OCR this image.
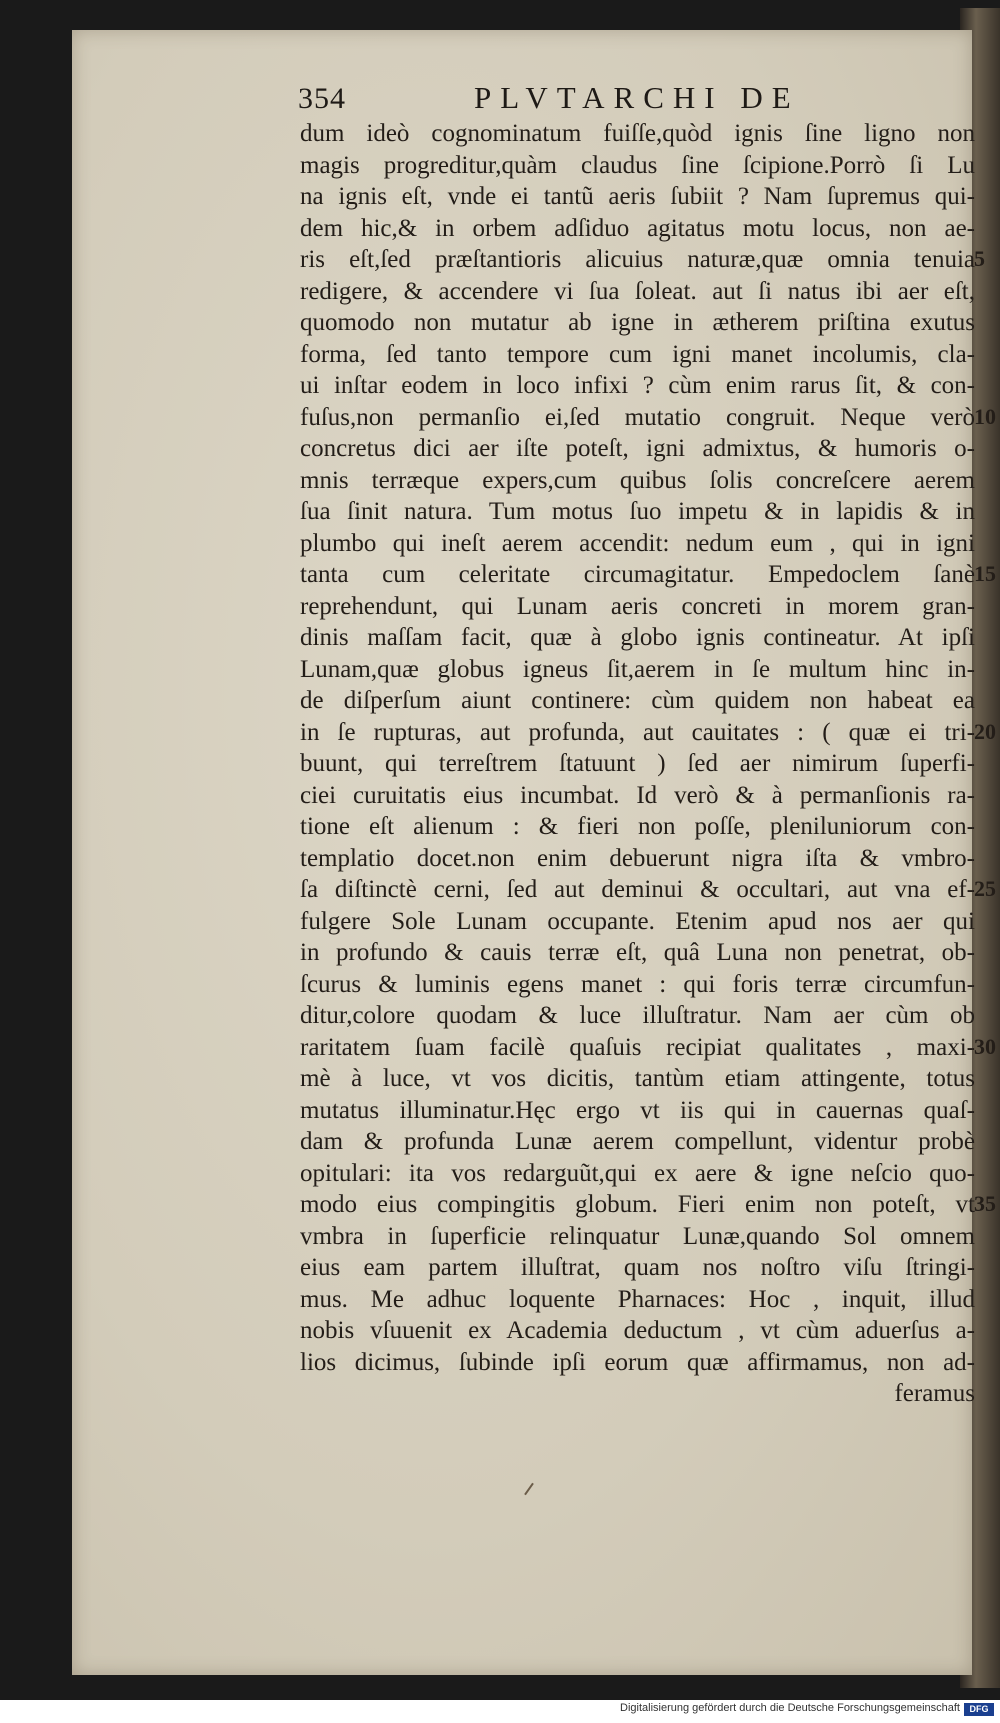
354	PLVTARCHI DE
dum ideò cognominatum fuiſſe,quòd ignis ſine ligno non
magis progreditur,quàm claudus ſine ſcipione.Porrò ſi Lu
na ignis eſt, vnde ei tantũ aeris ſubiit ? Nam ſupremus qui-
dem hic,& in orbem adſiduo agitatus motu locus, non ae-
ris eſt,ſed præſtantioris alicuius naturæ,quæ omnia tenuia
redigere, & accendere vi ſua ſoleat. aut ſi natus ibi aer eſt,
quomodo non mutatur ab igne in ætherem priſtina exutus
forma, ſed tanto tempore cum igni manet incolumis, cla-
ui inſtar eodem in loco infixi ? cùm enim rarus ſit, & con-
fuſus,non permanſio ei,ſed mutatio congruit. Neque verò
concretus dici aer iſte poteſt, igni admixtus, & humoris o-
mnis terræque expers,cum quibus ſolis concreſcere aerem
ſua ſinit natura. Tum motus ſuo impetu & in lapidis & in
plumbo qui ineſt aerem accendit: nedum eum , qui in igni
tanta cum celeritate circumagitatur. Empedoclem ſanè
reprehendunt, qui Lunam aeris concreti in morem gran-
dinis maſſam facit, quæ à globo ignis contineatur. At ipſi
Lunam,quæ globus igneus ſit,aerem in ſe multum hinc in-
de diſperſum aiunt continere: cùm quidem non habeat ea
in ſe rupturas, aut profunda, aut cauitates : ( quæ ei tri-
buunt, qui terreſtrem ſtatuunt ) ſed aer nimirum ſuperfi-
ciei curuitatis eius incumbat. Id verò & à permanſionis ra-
tione eſt alienum : & fieri non poſſe, pleniluniorum con-
templatio docet.non enim debuerunt nigra iſta & vmbro-
ſa diſtinctè cerni, ſed aut deminui & occultari, aut vna ef-
fulgere Sole Lunam occupante. Etenim apud nos aer qui
in profundo & cauis terræ eſt, quâ Luna non penetrat, ob-
ſcurus & luminis egens manet : qui foris terræ circumfun-
ditur,colore quodam & luce illuſtratur. Nam aer cùm ob
raritatem ſuam facilè quaſuis recipiat qualitates , maxi-
mè à luce, vt vos dicitis, tantùm etiam attingente, totus
mutatus illuminatur.Hęc ergo vt iis qui in cauernas quaſ-
dam & profunda Lunæ aerem compellunt, videntur probè
opitulari: ita vos redarguũt,qui ex aere & igne neſcio quo-
modo eius compingitis globum. Fieri enim non poteſt, vt
vmbra in ſuperficie relinquatur Lunæ,quando Sol omnem
eius eam partem illuſtrat, quam nos noſtro viſu ſtringi-
mus. Me adhuc loquente Pharnaces: Hoc , inquit, illud
nobis vſuuenit ex Academia deductum , vt cùm aduerſus a-
lios dicimus, ſubinde ipſi eorum quæ affirmamus, non ad-
feramus
5
10
15
20
25
30
35
Digitalisierung gefördert durch die Deutsche Forschungsgemeinschaft	DFG
